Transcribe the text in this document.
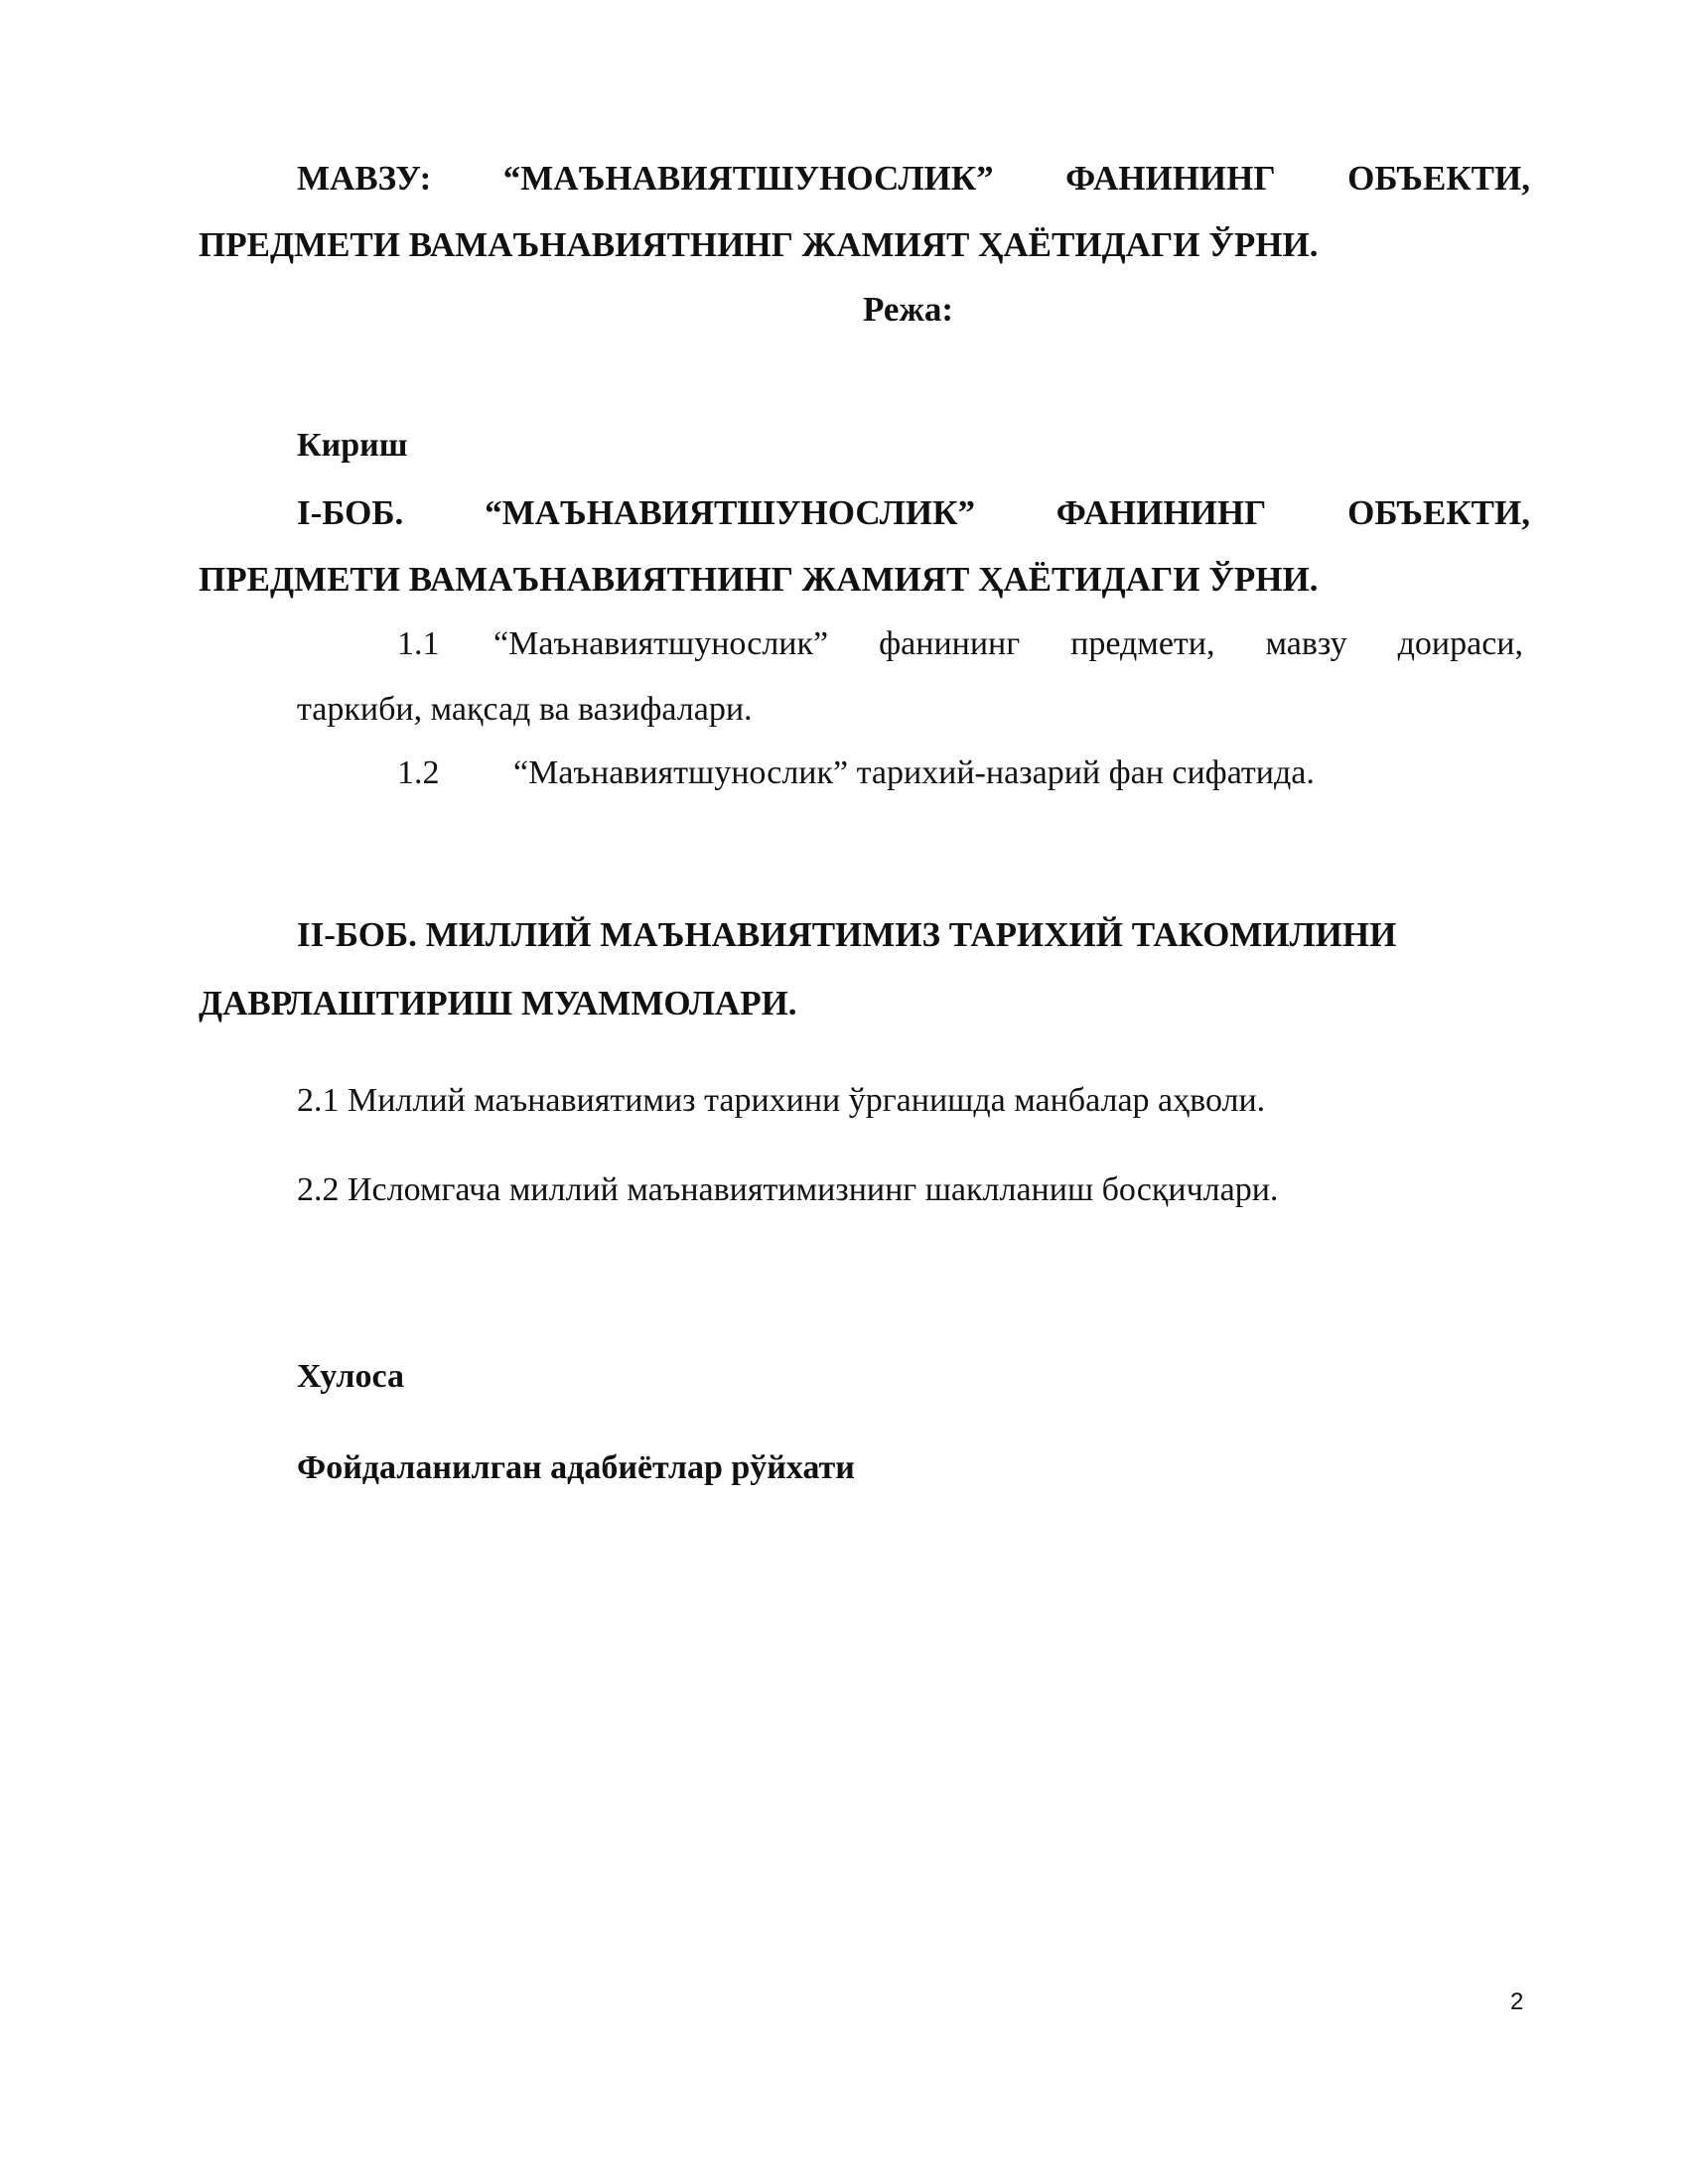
МАВЗУ: “МАЪНАВИЯТШУНОСЛИК” ФАНИНИНГ ОБЪЕКТИ,
ПРЕДМЕТИ ВАМАЪНАВИЯТНИНГ ЖАМИЯТ ҲАЁТИДАГИ ЎРНИ.
Режа:
Кириш
I-БОБ. “МАЪНАВИЯТШУНОСЛИК” ФАНИНИНГ ОБЪЕКТИ,
ПРЕДМЕТИ ВАМАЪНАВИЯТНИНГ ЖАМИЯТ ҲАЁТИДАГИ ЎРНИ.
1.1 “Маънавиятшунослик” фанининг предмети, мавзу доираси,
таркиби, мақсад ва вазифалари.
1.2 “Маънавиятшунослик” тарихий-назарий фан сифатида.
II-БОБ. МИЛЛИЙ МАЪНАВИЯТИМИЗ ТАРИХИЙ ТАКОМИЛИНИ
ДАВРЛАШТИРИШ МУАММОЛАРИ.
2.1 Миллий маънавиятимиз тарихини ўрганишда манбалар аҳволи.
2.2 Исломгача миллий маънавиятимизнинг шаклланиш босқичлари.
Хулоса
Фойдаланилган адабиётлар рўйхати
2
